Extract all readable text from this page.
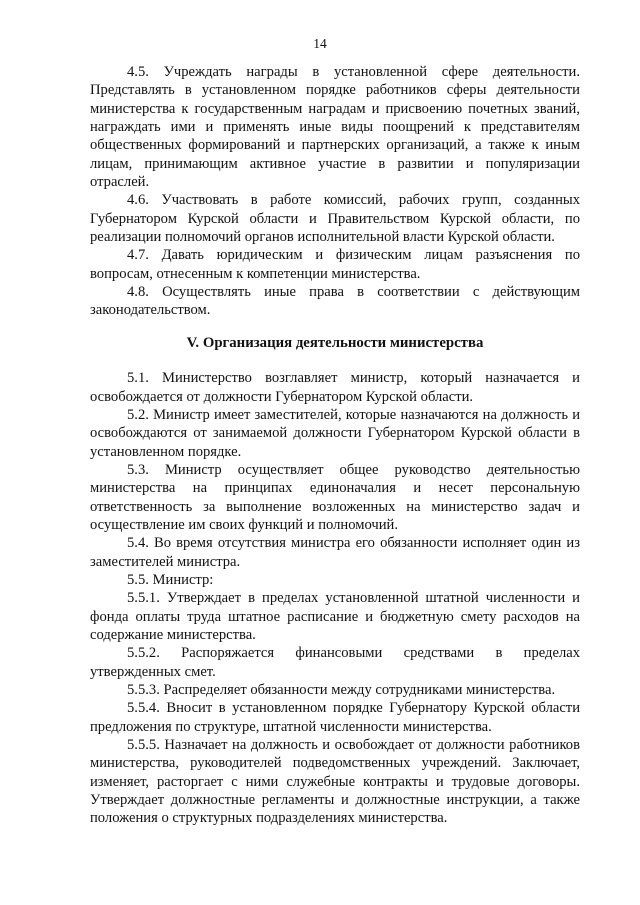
14

4.5. Учреждать награды в установленной сфере деятельности. Представлять в установленном порядке работников сферы деятельности министерства к государственным наградам и присвоению почетных званий, награждать ими и применять иные виды поощрений к представителям общественных формирований и партнерских организаций, а также к иным лицам, принимающим активное участие в развитии и популяризации отраслей.

4.6. Участвовать в работе комиссий, рабочих групп, созданных Губернатором Курской области и Правительством Курской области, по реализации полномочий органов исполнительной власти Курской области.

4.7. Давать юридическим и физическим лицам разъяснения по вопросам, отнесенным к компетенции министерства.

4.8. Осуществлять иные права в соответствии с действующим законодательством.

V. Организация деятельности министерства

5.1. Министерство возглавляет министр, который назначается и освобождается от должности Губернатором Курской области.

5.2. Министр имеет заместителей, которые назначаются на должность и освобождаются от занимаемой должности Губернатором Курской области в установленном порядке.

5.3. Министр осуществляет общее руководство деятельностью министерства на принципах единоначалия и несет персональную ответственность за выполнение возложенных на министерство задач и осуществление им своих функций и полномочий.

5.4. Во время отсутствия министра его обязанности исполняет один из заместителей министра.

5.5. Министр:

5.5.1. Утверждает в пределах установленной штатной численности и фонда оплаты труда штатное расписание и бюджетную смету расходов на содержание министерства.

5.5.2. Распоряжается финансовыми средствами в пределах утвержденных смет.

5.5.3. Распределяет обязанности между сотрудниками министерства.

5.5.4. Вносит в установленном порядке Губернатору Курской области предложения по структуре, штатной численности министерства.

5.5.5. Назначает на должность и освобождает от должности работников министерства, руководителей подведомственных учреждений. Заключает, изменяет, расторгает с ними служебные контракты и трудовые договоры. Утверждает должностные регламенты и должностные инструкции, а также положения о структурных подразделениях министерства.
